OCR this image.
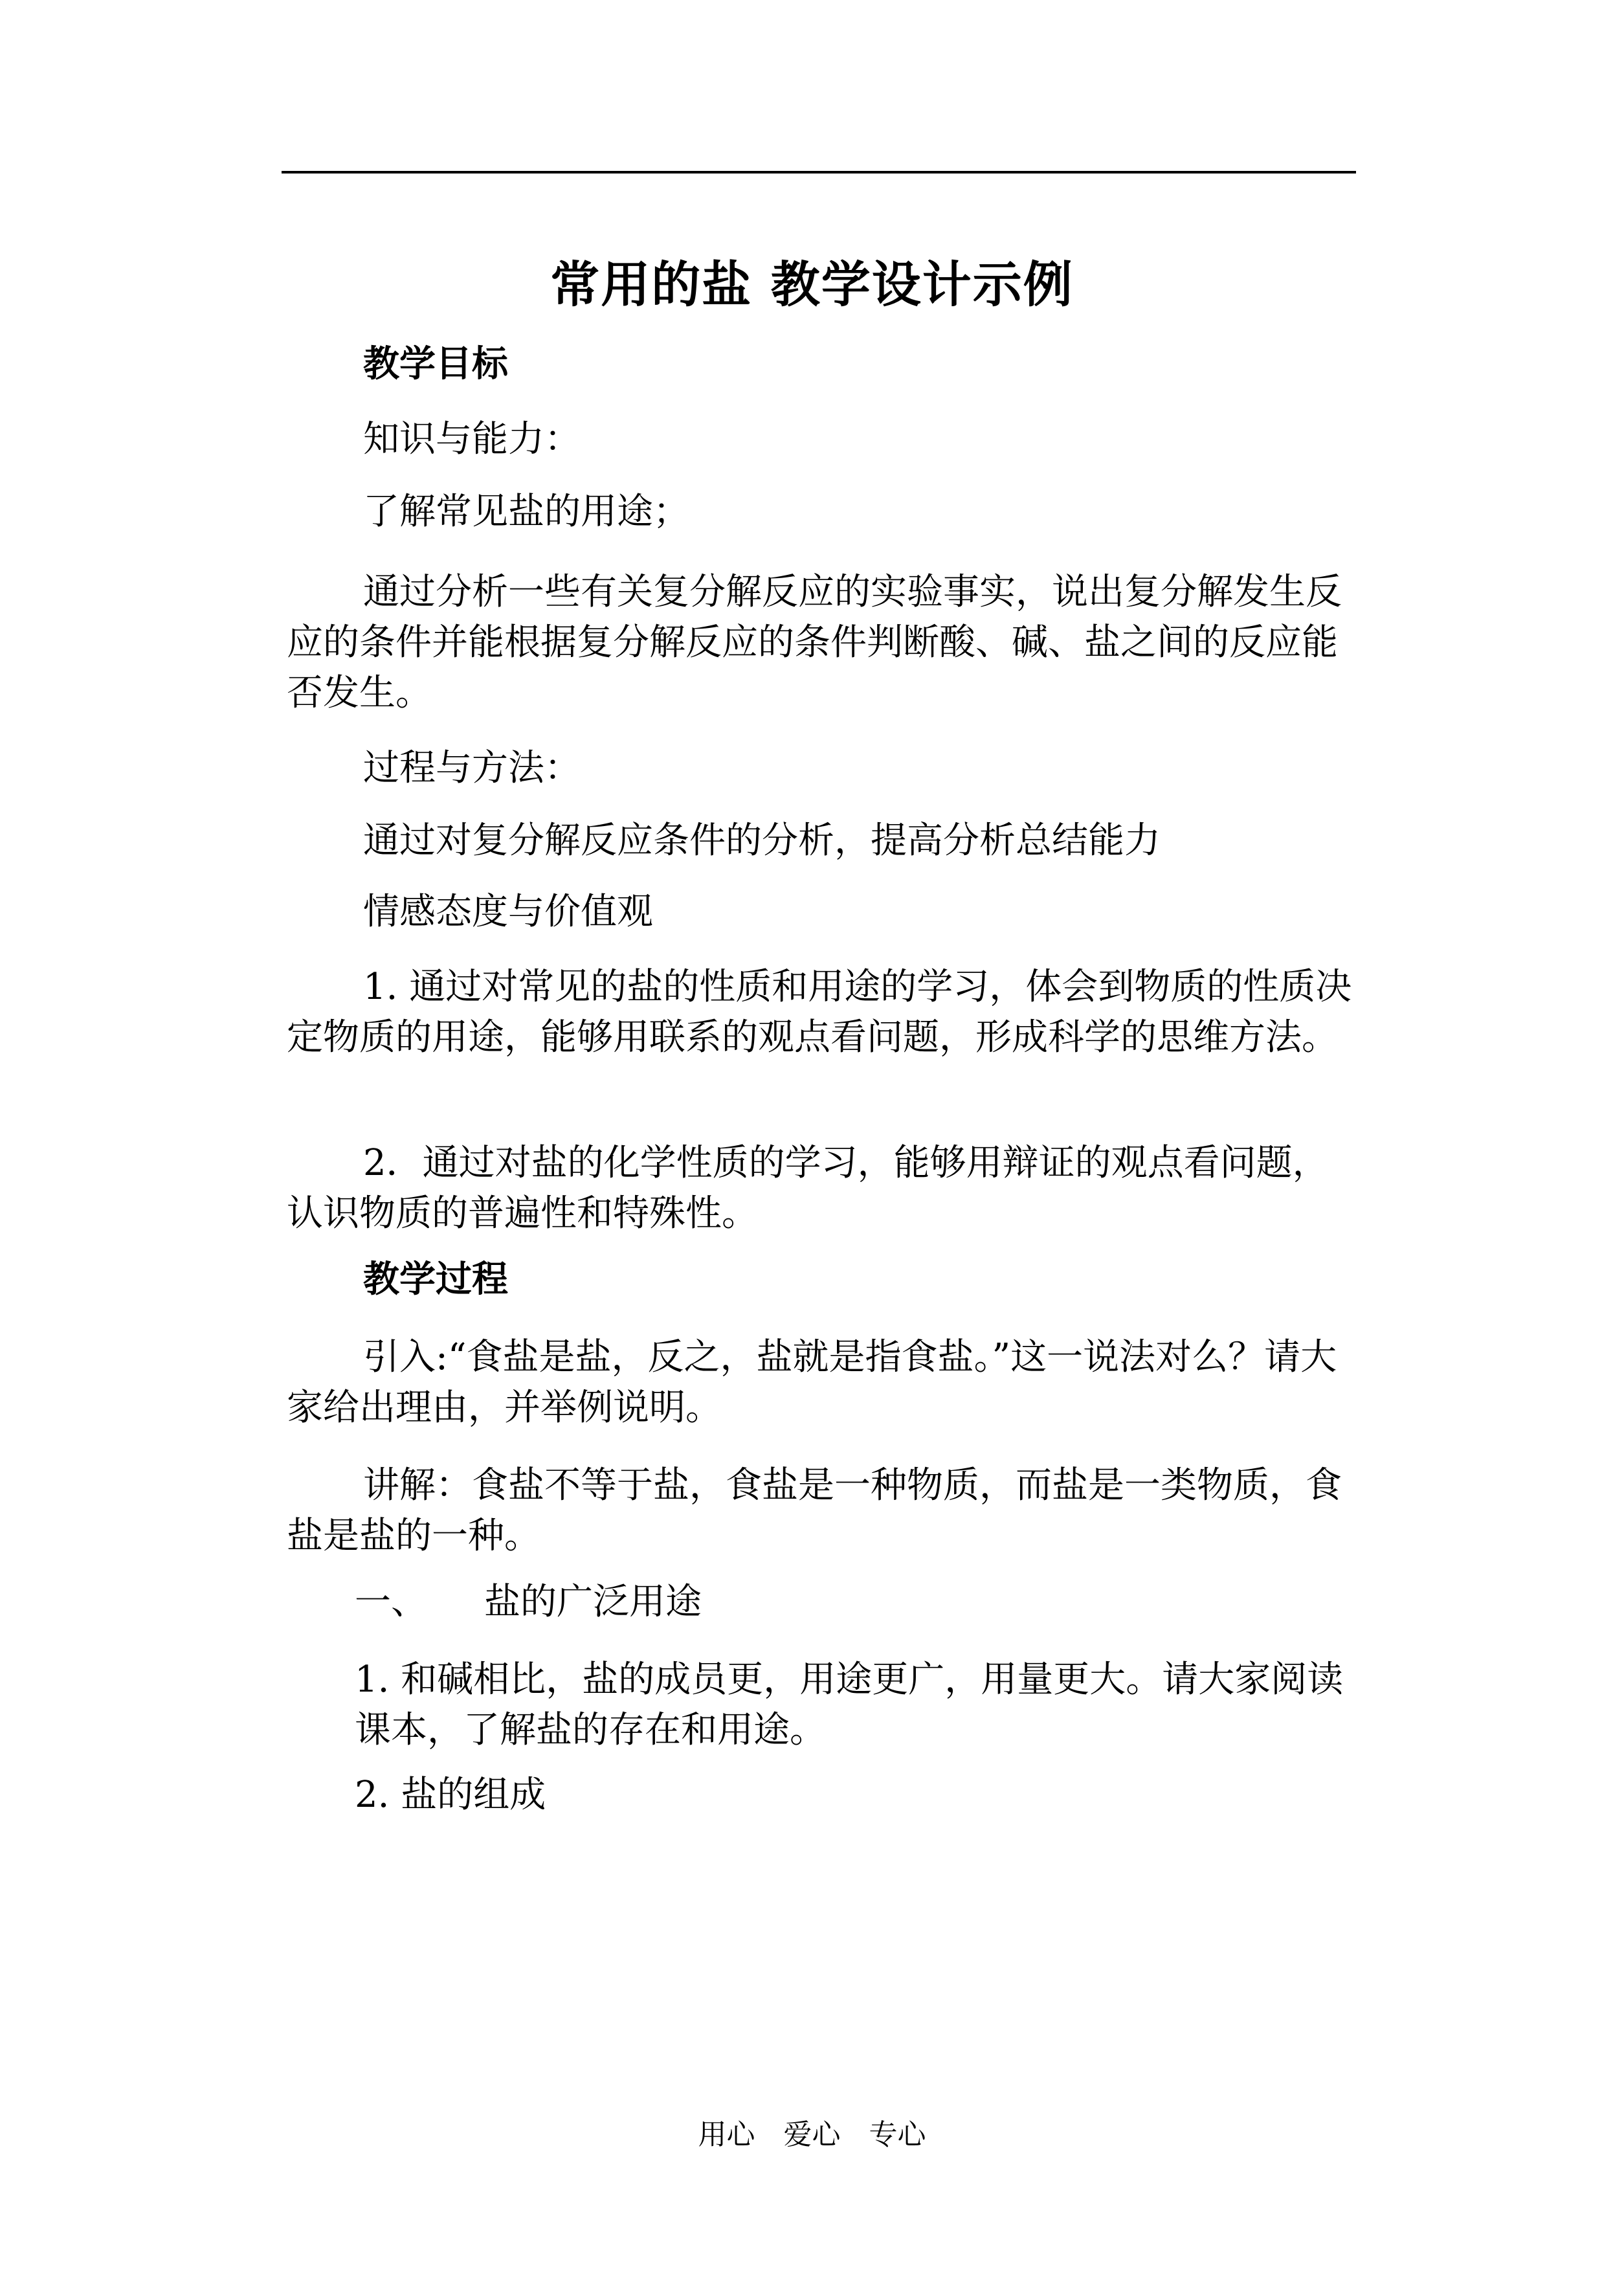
常用的盐 教学设计示例

教学目标

知识与能力：

了解常见盐的用途；

通过分析一些有关复分解反应的实验事实，说出复分解发生反应的条件并能根据复分解反应的条件判断酸、碱、盐之间的反应能否发生。

过程与方法：

通过对复分解反应条件的分析，提高分析总结能力

情感态度与价值观

1. 通过对常见的盐的性质和用途的学习，体会到物质的性质决定物质的用途，能够用联系的观点看问题，形成科学的思维方法。

2．通过对盐的化学性质的学习，能够用辩证的观点看问题，认识物质的普遍性和特殊性。

教学过程

引入:“食盐是盐，反之，盐就是指食盐。”这一说法对么？请大家给出理由，并举例说明。

讲解：食盐不等于盐，食盐是一种物质，而盐是一类物质，食盐是盐的一种。

一、 盐的广泛用途

1. 和碱相比，盐的成员更，用途更广，用量更大。请大家阅读课本，了解盐的存在和用途。

2. 盐的组成

用心 爱心 专心
